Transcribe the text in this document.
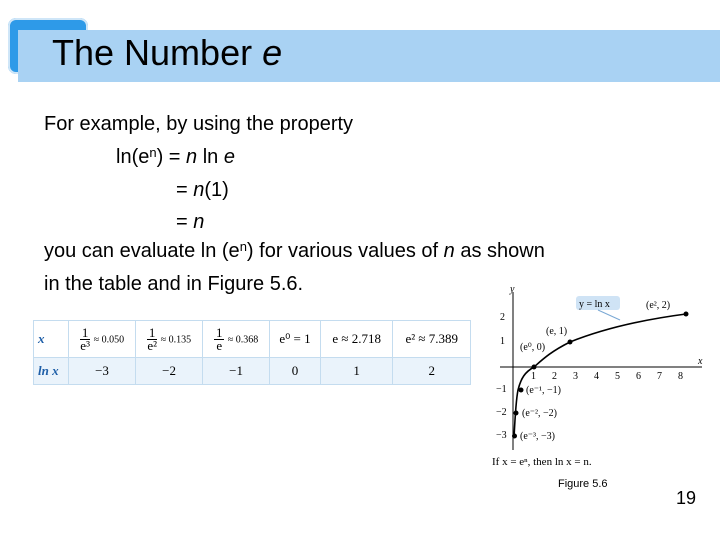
The Number e
For example, by using the property
$\ln(e^n) = n$ ln e
= n(1)
= n
you can evaluate $\ln (e^n)$ for various values of n as shown
in the table and in Figure 5.6.
x	$\frac{1}{\text{e³}} \approx 0.050$	$\frac{1}{\text{e²}} \approx 0.135$	$\frac{1}{e} \approx 0.368$	e⁰ = 1	e ≈ 2.718	e² ≈ 7.389
ln x	−3	−2	−1	0	1	2
x
y
1 2 3 4 5 6 7 8
2
1
−1
−2
−3
(e², 2)
(e, 1)
(e⁰, 0)
(e⁻¹, −1)
(e⁻², −2)
(e⁻³, −3)
y = ln x
If x = eⁿ, then ln x = n.
Figure 5.6
19
